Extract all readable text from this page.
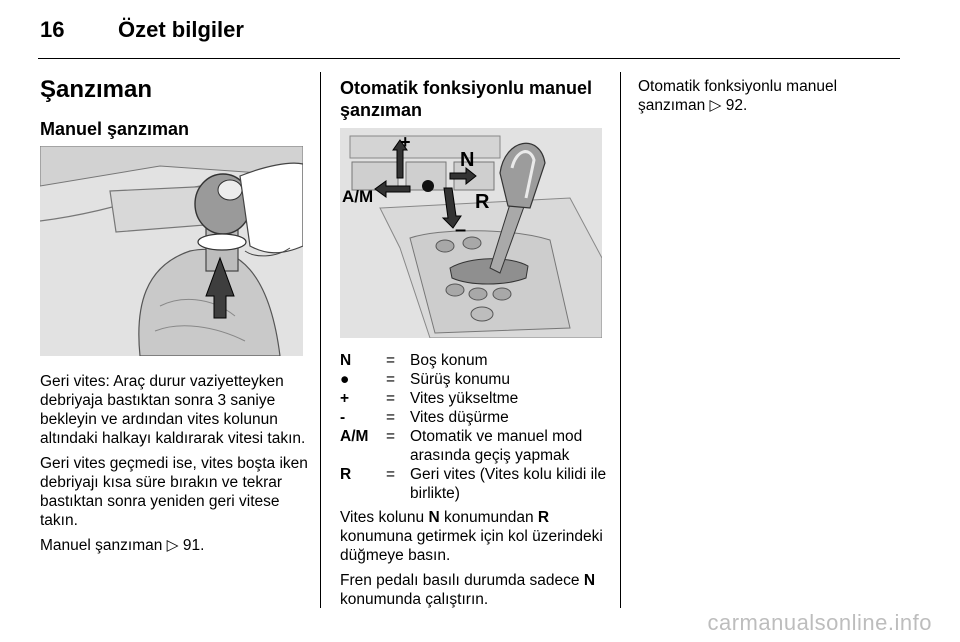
16 Özet bilgiler
Şanzıman
Manuel şanzıman

Geri vites: Araç durur vaziyetteyken debriyaja bastıktan sonra 3 saniye bekleyin ve ardından vites kolunun altındaki halkayı kaldırarak vitesi takın.

Geri vites geçmedi ise, vites boşta iken debriyajı kısa süre bırakın ve tekrar bastıktan sonra yeniden geri vitese takın.

Manuel şanzıman ▷ 91.

Otomatik fonksiyonlu manuel
şanzıman
+
N
R
A/M
–
N	=	Boş konum
●	=	Sürüş konumu
+	=	Vites yükseltme
-	=	Vites düşürme
A/M	=	Otomatik ve manuel mod arasında geçiş yapmak
R	=	Geri vites (Vites kolu kilidi ile birlikte)

Vites kolunu N konumundan R konumuna getirmek için kol üzerindeki düğmeye basın.

Fren pedalı basılı durumda sadece N konumunda çalıştırın.

Otomatik fonksiyonlu manuel şanzıman ▷ 92.

carmanualsonline.info
